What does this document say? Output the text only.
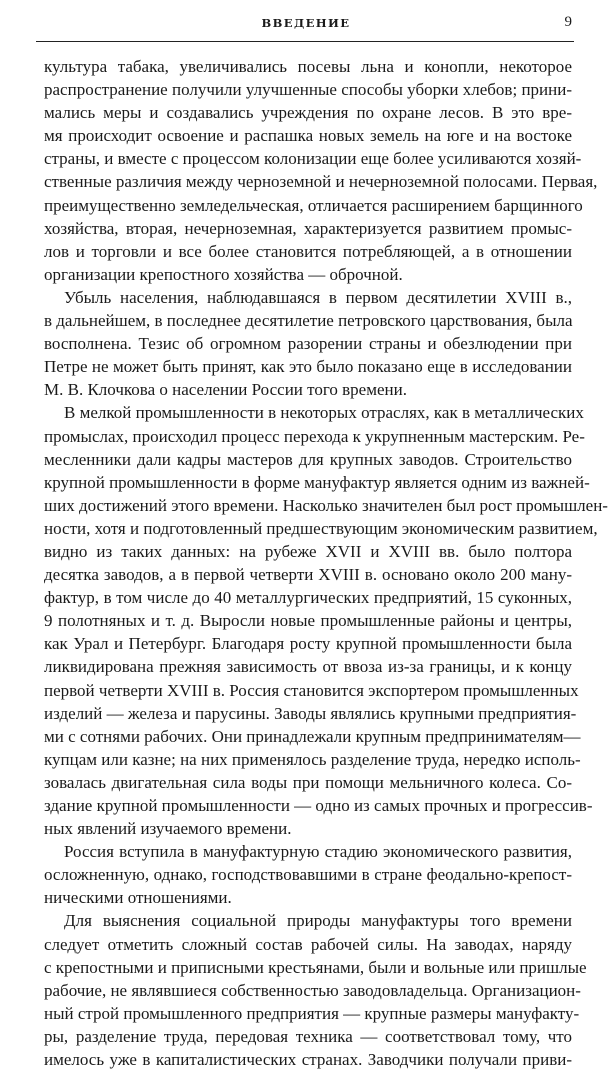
ВВЕДЕНИЕ	9
культура табака, увеличивались посевы льна и конопли, некоторое
распространение получили улучшенные способы уборки хлебов; прини-
мались меры и создавались учреждения по охране лесов. В это вре-
мя происходит освоение и распашка новых земель на юге и на востоке
страны, и вместе с процессом колонизации еще более усиливаются хозяй-
ственные различия между черноземной и нечерноземной полосами. Первая,
преимущественно земледельческая, отличается расширением барщинного
хозяйства, вторая, нечерноземная, характеризуется развитием промыс-
лов и торговли и все более становится потребляющей, а в отношении
организации крепостного хозяйства — оброчной.
Убыль населения, наблюдавшаяся в первом десятилетии XVIII в.,
в дальнейшем, в последнее десятилетие петровского царствования, была
восполнена. Тезис об огромном разорении страны и обезлюдении при
Петре не может быть принят, как это было показано еще в исследовании
М. В. Клочкова о населении России того времени.
В мелкой промышленности в некоторых отраслях, как в металлических
промыслах, происходил процесс перехода к укрупненным мастерским. Ре-
месленники дали кадры мастеров для крупных заводов. Строительство
крупной промышленности в форме мануфактур является одним из важней-
ших достижений этого времени. Насколько значителен был рост промышлен-
ности, хотя и подготовленный предшествующим экономическим развитием,
видно из таких данных: на рубеже XVII и XVIII вв. было полтора
десятка заводов, а в первой четверти XVIII в. основано около 200 ману-
фактур, в том числе до 40 металлургических предприятий, 15 суконных,
9 полотняных и т. д. Выросли новые промышленные районы и центры,
как Урал и Петербург. Благодаря росту крупной промышленности была
ликвидирована прежняя зависимость от ввоза из-за границы, и к концу
первой четверти XVIII в. Россия становится экспортером промышленных
изделий — железа и парусины. Заводы являлись крупными предприятия-
ми с сотнями рабочих. Они принадлежали крупным предпринимателям—
купцам или казне; на них применялось разделение труда, нередко исполь-
зовалась двигательная сила воды при помощи мельничного колеса. Со-
здание крупной промышленности — одно из самых прочных и прогрессив-
ных явлений изучаемого времени.
Россия вступила в мануфактурную стадию экономического развития,
осложненную, однако, господствовавшими в стране феодально-крепост-
ническими отношениями.
Для выяснения социальной природы мануфактуры того времени
следует отметить сложный состав рабочей силы. На заводах, наряду
с крепостными и приписными крестьянами, были и вольные или пришлые
рабочие, не являвшиеся собственностью заводовладельца. Организацион-
ный строй промышленного предприятия — крупные размеры мануфакту-
ры, разделение труда, передовая техника — соответствовал тому, что
имелось уже в капиталистических странах. Заводчики получали приви-
